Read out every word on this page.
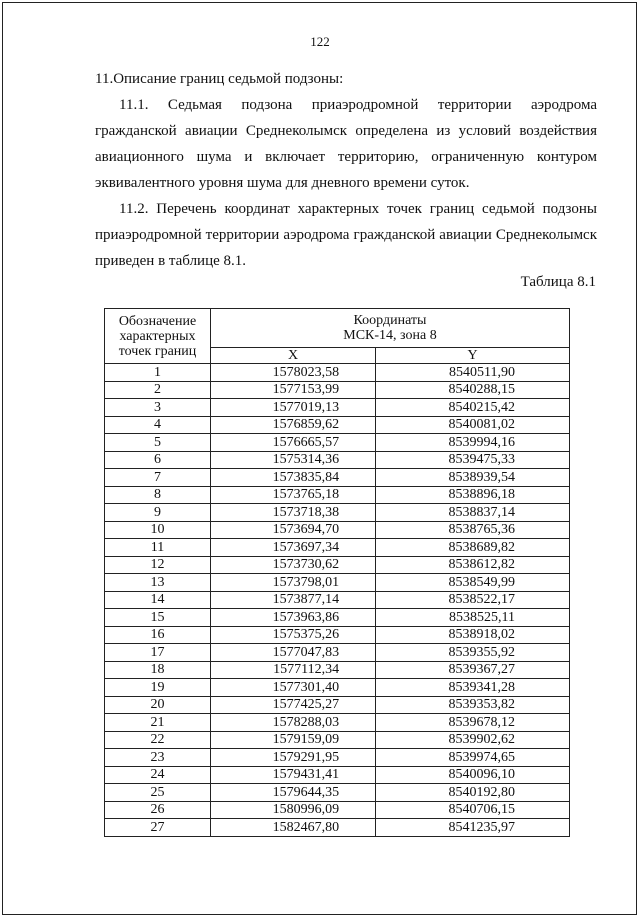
122

11.Описание границ седьмой подзоны:

11.1. Седьмая подзона приаэродромной территории аэродрома гражданской авиации Среднеколымск определена из условий воздействия авиационного шума и включает территорию, ограниченную контуром эквивалентного уровня шума для дневного времени суток.

11.2. Перечень координат характерных точек границ седьмой подзоны приаэродромной территории аэродрома гражданской авиации Среднеколымск приведен в таблице 8.1.

Таблица 8.1
Обозначение
характерных
точек границ	Координаты
МСК-14, зона 8	
	X	Y
1	1578023,58	8540511,90
2	1577153,99	8540288,15
3	1577019,13	8540215,42
4	1576859,62	8540081,02
5	1576665,57	8539994,16
6	1575314,36	8539475,33
7	1573835,84	8538939,54
8	1573765,18	8538896,18
9	1573718,38	8538837,14
10	1573694,70	8538765,36
11	1573697,34	8538689,82
12	1573730,62	8538612,82
13	1573798,01	8538549,99
14	1573877,14	8538522,17
15	1573963,86	8538525,11
16	1575375,26	8538918,02
17	1577047,83	8539355,92
18	1577112,34	8539367,27
19	1577301,40	8539341,28
20	1577425,27	8539353,82
21	1578288,03	8539678,12
22	1579159,09	8539902,62
23	1579291,95	8539974,65
24	1579431,41	8540096,10
25	1579644,35	8540192,80
26	1580996,09	8540706,15
27	1582467,80	8541235,97
